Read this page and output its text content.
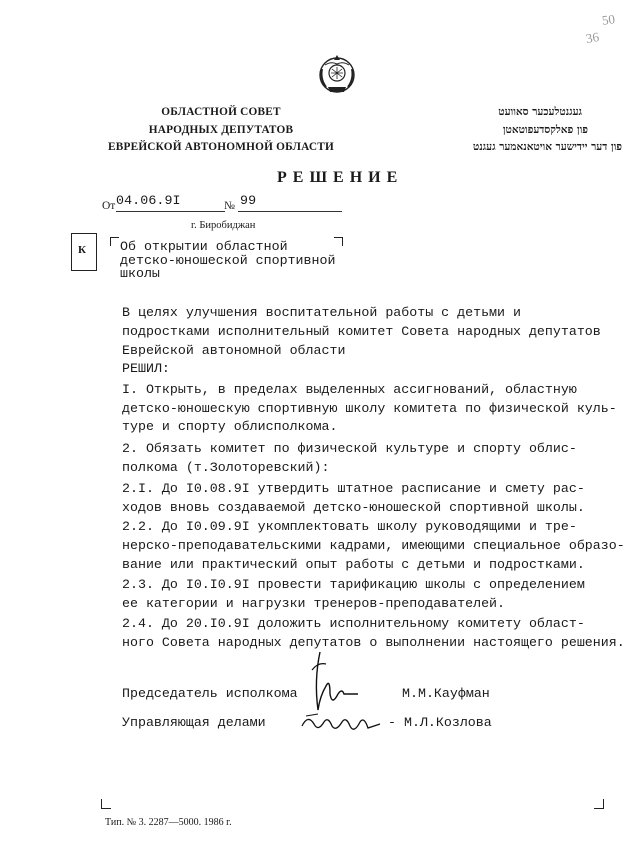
50
36
ОБЛАСТНОЙ СОВЕТ
НАРОДНЫХ ДЕПУТАТОВ
ЕВРЕЙСКОЙ АВТОНОМНОЙ ОБЛАСТИ
געגנטלעכער סאוועט
פון פאלקסדעפוטאטן
פון דער יידישער אויטאנאמער געגנט
РЕШЕНИЕ
От 04.06.9I	№ 99
г. Биробиджан
К	Об открытии областной
детско-юношеской спортивной
школы
В целях улучшения воспитательной работы с детьми и
подростками исполнительный комитет Совета народных депутатов
Еврейской автономной области
РЕШИЛ:
I. Открыть, в пределах выделенных ассигнований, областную
детско-юношескую спортивную школу комитета по физической куль-
туре и спорту облисполкома.
2. Обязать комитет по физической культуре и спорту облис-
полкома (т.Золоторевский):
2.I. До I0.08.9I утвердить штатное расписание и смету рас-
ходов вновь создаваемой детско-юношеской спортивной школы.
2.2. До I0.09.9I укомплектовать школу руководящими и тре-
нерско-преподавательскими кадрами, имеющими специальное образо-
вание или практический опыт работы с детьми и подростками.
2.3. До I0.I0.9I провести тарификацию школы с определением
ее категории и нагрузки тренеров-преподавателей.
2.4. До 20.I0.9I доложить исполнительному комитету област-
ного Совета народных депутатов о выполнении настоящего решения.
Председатель исполкома	М.М.Кауфман
Управляющая делами	- М.Л.Козлова
Тип. № 3. 2287—5000. 1986 г.
